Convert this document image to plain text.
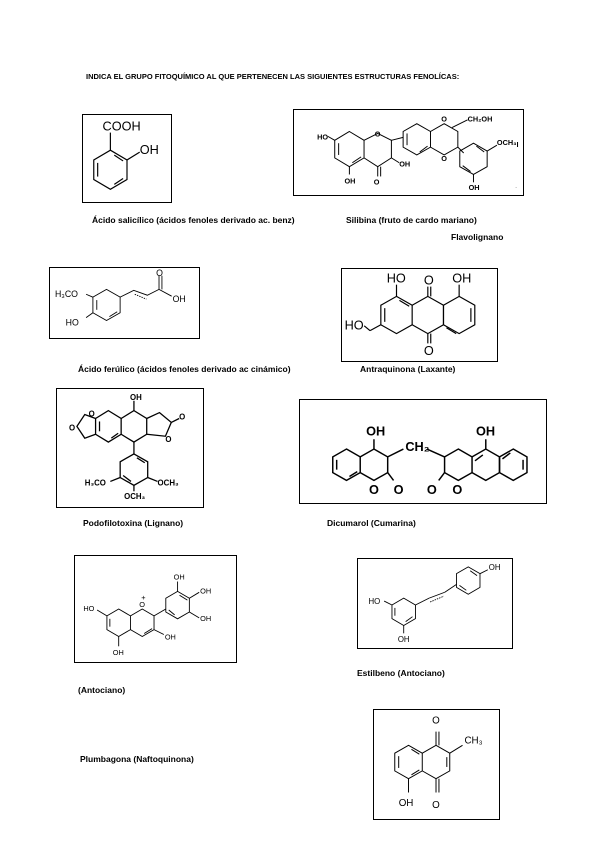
INDICA EL GRUPO FITOQUÍMICO AL QUE PERTENECEN LAS SIGUIENTES ESTRUCTURAS FENOLÍCAS:
COOH
OH
Ácido salicílico (ácidos fenoles derivado ac. benz)
HO
OH O
O
O	CH₂OH
OCH₃
OH
O
OH
OH
I
Silibina (fruto de cardo mariano)
Flavolignano
H₃CO
HO
O
OH
Ácido ferúlico (ácidos fenoles derivado ac cinámico)
HO O OH
HO
O
Antraquinona (Laxante)
OH
O
O
O
O
H₃CO	OCH₃
OCH₃
Podofilotoxina (Lignano)
OH
CH₂
OH
O O O O
Dicumarol (Cumarina)
OH
OH
OH
HO	O
+
OH
OH
(Antociano)
OH
HO
OH
Estilbeno (Antociano)
O
CH₃
OH O
Plumbagona (Naftoquinona)
